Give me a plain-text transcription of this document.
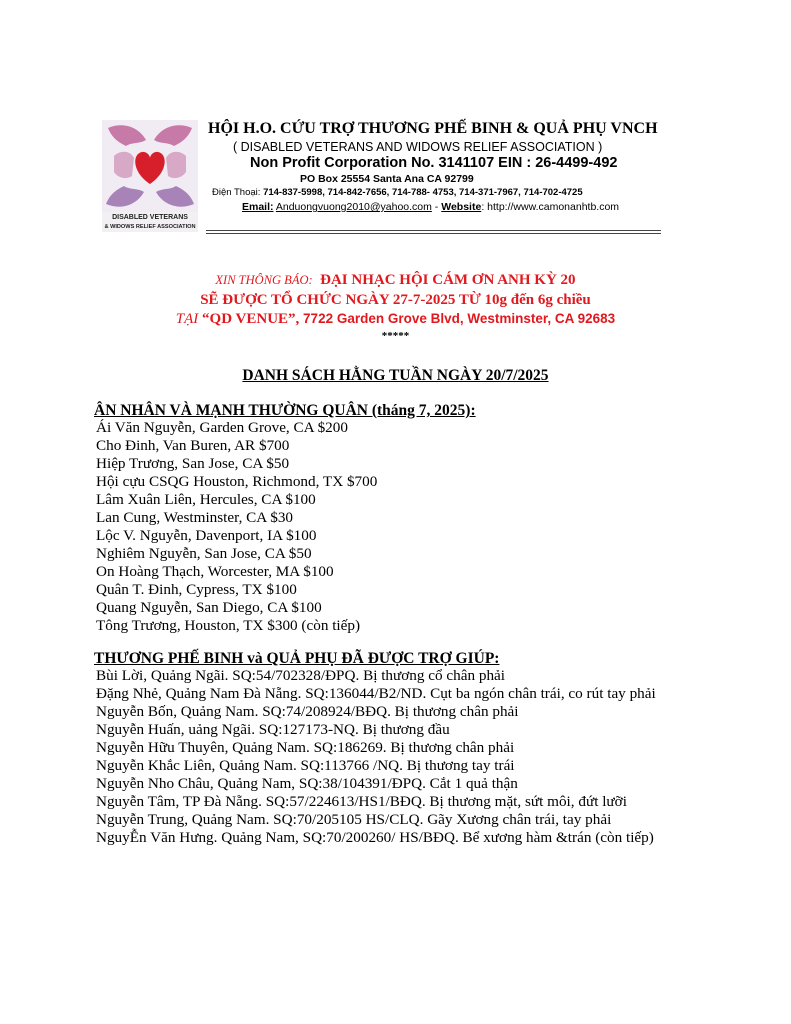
DISABLED VETERANS
& WIDOWS RELIEF ASSOCIATION
HỘI H.O. CỨU TRỢ THƯƠNG PHẾ BINH & QUẢ PHỤ VNCH
( DISABLED VETERANS AND WIDOWS RELIEF ASSOCIATION )
Non Profit Corporation No. 3141107 EIN : 26-4499-492
PO Box 25554 Santa Ana CA 92799
Điện Thoại: 714-837-5998, 714-842-7656, 714-788- 4753, 714-371-7967, 714-702-4725
Email: Anduongvuong2010@yahoo.com - Website: http://www.camonanhtb.com
XIN THÔNG BÁO: ĐẠI NHẠC HỘI CÁM ƠN ANH KỲ 20
SẼ ĐƯỢC TỔ CHỨC NGÀY 27-7-2025 TỪ 10g đến 6g chiều
TẠI “QD VENUE”, 7722 Garden Grove Blvd, Westminster, CA 92683
*****
DANH SÁCH HẰNG TUẦN NGÀY 20/7/2025
ÂN NHÂN VÀ MẠNH THƯỜNG QUÂN (tháng 7, 2025):
Ái Văn Nguyễn, Garden Grove, CA $200
Cho Đinh, Van Buren, AR $700
Hiệp Trương, San Jose, CA $50
Hội cựu CSQG Houston, Richmond, TX $700
Lâm Xuân Liên, Hercules, CA $100
Lan Cung, Westminster, CA $30
Lộc V. Nguyễn, Davenport, IA $100
Nghiêm Nguyễn, San Jose, CA $50
On Hoàng Thạch, Worcester, MA $100
Quân T. Đinh, Cypress, TX $100
Quang Nguyễn, San Diego, CA $100
Tông Trương, Houston, TX $300 (còn tiếp)
THƯƠNG PHẾ BINH và QUẢ PHỤ ĐÃ ĐƯỢC TRỢ GIÚP:
Bùi Lời, Quảng Ngãi. SQ:54/702328/ĐPQ. Bị thương cổ chân phải
Đặng Nhẻ, Quảng Nam Đà Nẵng. SQ:136044/B2/ND. Cụt ba ngón chân trái, co rút tay phải
Nguyễn Bốn, Quảng Nam. SQ:74/208924/BĐQ. Bị thương chân phải
Nguyễn Huấn, uảng Ngãi. SQ:127173-NQ. Bị thương đầu
Nguyễn Hữu Thuyên, Quảng Nam. SQ:186269. Bị thương chân phải
Nguyễn Khắc Liên, Quảng Nam. SQ:113766 /NQ. Bị thương tay trái
Nguyễn Nho Châu, Quảng Nam, SQ:38/104391/ĐPQ. Cắt 1 quả thận
Nguyễn Tâm, TP Đà Nẵng. SQ:57/224613/HS1/BĐQ. Bị thương mặt, sứt môi, đứt lưỡi
Nguyễn Trung, Quảng Nam. SQ:70/205105 HS/CLQ. Gãy Xương chân trái, tay phải
NguyỄn Văn Hưng. Quảng Nam, SQ:70/200260/ HS/BĐQ. Bể xương hàm &trán (còn tiếp)
